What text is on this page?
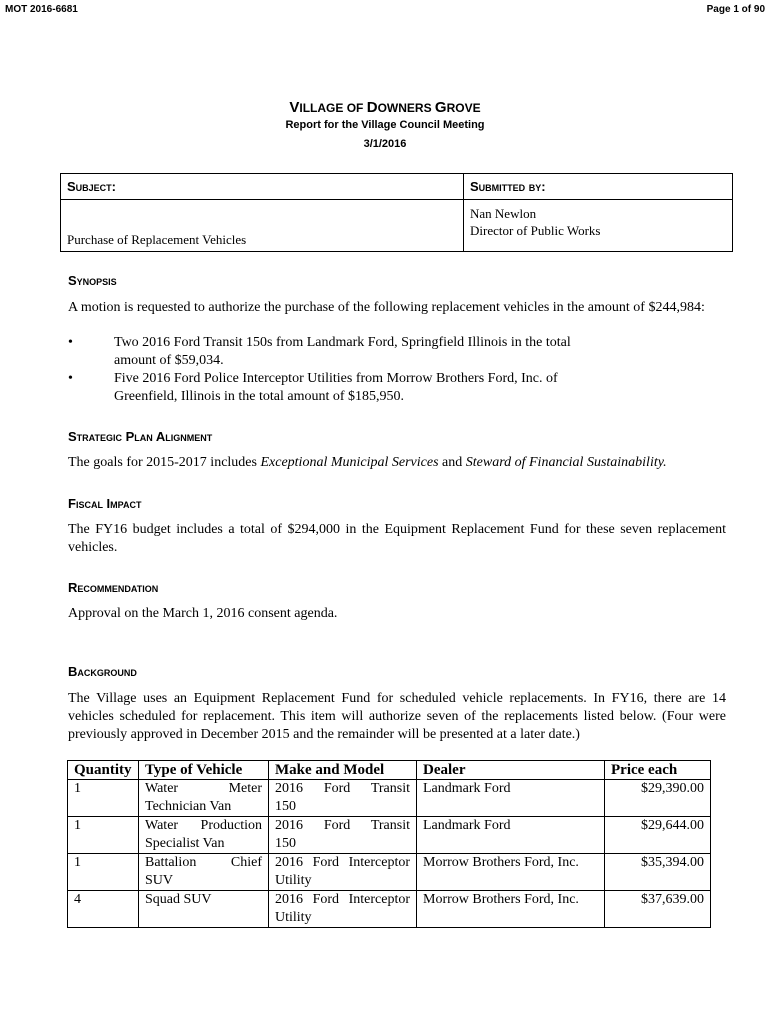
MOT 2016-6681	Page 1 of 90
VILLAGE OF DOWNERS GROVE
Report for the Village Council Meeting
3/1/2016
Subject:	Submitted by:
Purchase of Replacement Vehicles	Nan Newlon
Director of Public Works
Synopsis

A motion is requested to authorize the purchase of the following replacement vehicles in the amount of $244,984:

•	Two 2016 Ford Transit 150s from Landmark Ford, Springfield Illinois in the total
amount of $59,034.
•	Five 2016 Ford Police Interceptor Utilities from Morrow Brothers Ford, Inc. of
Greenfield, Illinois in the total amount of $185,950.
Strategic Plan Alignment

The goals for 2015-2017 includes Exceptional Municipal Services and Steward of Financial Sustainability.

Fiscal Impact

The FY16 budget includes a total of $294,000 in the Equipment Replacement Fund for these seven replacement vehicles.

Recommendation

Approval on the March 1, 2016 consent agenda.

Background

The Village uses an Equipment Replacement Fund for scheduled vehicle replacements. In FY16, there are 14 vehicles scheduled for replacement. This item will authorize seven of the replacements listed below. (Four were previously approved in December 2015 and the remainder will be presented at a later date.)

Quantity	Type of Vehicle	Make and Model	Dealer	Price each
1	Water Meter
Technician Van	2016 Ford Transit
150	Landmark Ford	$29,390.00
1	Water Production
Specialist Van	2016 Ford Transit
150	Landmark Ford	$29,644.00
1	Battalion Chief
SUV	2016 Ford Interceptor
Utility	Morrow Brothers Ford, Inc.	$35,394.00
4	Squad SUV	2016 Ford Interceptor
Utility	Morrow Brothers Ford, Inc.	$37,639.00
